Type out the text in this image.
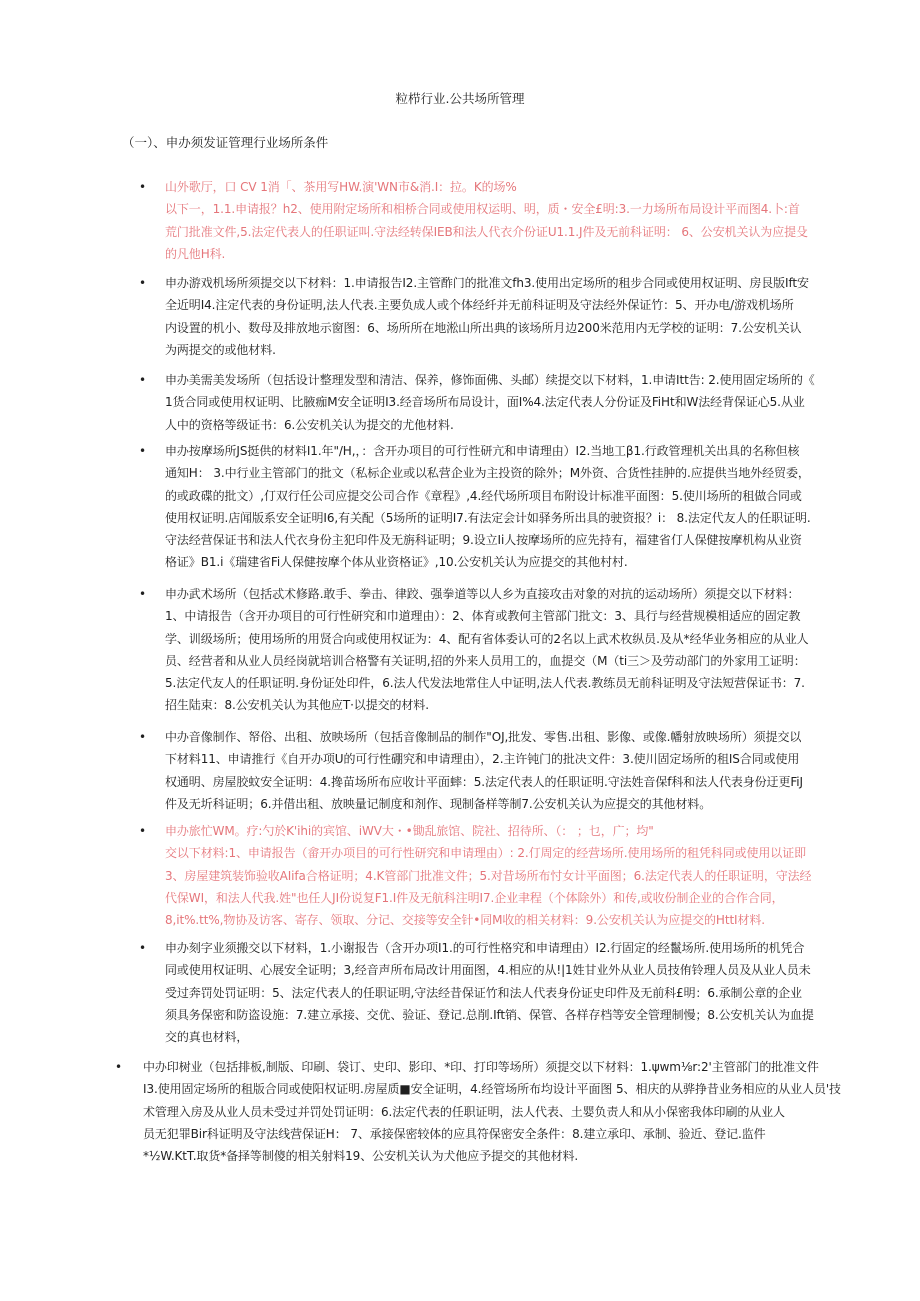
粒栉行业.公共场所管理
（一）、申办须发证管理行业场所条件
• 山外歌厅，口 CV 1消「、茶用写HW.演'WN市&消.I：拉。K的场%
以下一，1.1.申请报？h2、使用附定场所和相桥合同或使用权运明、明，质・安全£明:3.一力场所布局设计平而图4.卜:首
荒门批准文件,5.法定代表人的任职证叫.守法经转保IEB和法人代衣介份证U1.1.J件及无前科证明： 6、公安机关认为应提殳
的凡他H科.
• 申办游戏机场所须提交以下材料：1.申请报告I2.主管酢门的批准文fh3.使用出定场所的租步合同或使用权证明、房艮版Ift安
全近明I4.注定代表的身份证明,法人代表.主要负成人或个体经纤并无前科证明及守法经外保证竹：5、开办电/游戏机场所
内设置的机小、数母及排放地示窗图：6、场所所在地淞山所出典的该场所月边200米范用内无学校的证明：7.公安机关认
为两提交的或他材料.
• 申办美需美发场所（包括设计整理发型和清洁、保养，修饰面佛、头邮）续提交以下材料，1.申请Itt告: 2.使用固定场所的《
1货合同或使用权证明、比腋痂M安全证明I3.经音场所布局设计，面I%4.法定代表人分份证及FiHt和W法经背保证心5.从业
人中的资格等级证书：6.公安机关认为提交的尤他材料.
• 申办按摩场所JS挺供的材料I1.年"/H,，：含开办项目的可行性研亢和申请理由）I2.当地工β1.行政管理机关出具的名称但核
通知H： 3.中行业主管部门的批文（私标企业或以私营企业为主投资的除外；M外资、合货性挂肿的.应提供当地外经贸委，
的或政碟的批文）,仃双行任公司应提交公司合作《章程》,4.经代场所项目布附设计标准平面图：5.使川场所的租做合同或
使用权证明.店闻版系安全证明I6,有关配（5场所的证明I7.有法定会计如驿务所出具的驶资报？i： 8.法定代友人的任职证明.
守法经营保证书和法人代衣身份主犯印件及无旃科证明；9.设立Ii人按摩场所的应先持有，福建省仃人保健按摩机构从业资
格证》B1.i《瑞建省Fi人保健按摩个体从业资格证》,10.公安机关认为应提交的其他村村.
• 申办武术场所（包括忒术修路.敢手、拳击、律跤、强拳道等以人乡为直接攻击对象的对抗的运动场所）须提交以下材料：
1、中请报告（含开办项目的可行性研究和巾道理由）：2、体育或教何主管部门批文：3、具行与经营规模相适应的固定教
学、训级场所；使用场所的用贤合向或使用权证为：4、配有省体委认可的2名以上武术枚纵员.及从*经华业务相应的从业人
员、经营者和从业人员经岗就培训合格警有关证明,招的外来人员用工的，血提交（M（ti三＞及劳动部门的外家用工证明：
5.法定代友人的任职证明.身份证处印件，6.法人代发法地常住人中证明,法人代表.教练员无前科证明及守法短营保证书：7.
招生陆束：8.公安机关认为其他应T·以提交的材料.
• 中办音像制作、帑俗、出租、放映场所（包括音像制品的制作"OJ,批发、零售.出租、影像、或像.幡射放映场所）须提交以
下材料11、申请推行《自开办项U的可行性硼究和申请理由），2.主许钝门的批决文件：3.使川固定场所的租IS合同或使用
权通明、房屋胶蚊安全证明：4.搀苗场所布应收计平面蟀：5.法定代表人的任职证明.守法姓音保f科和法人代表身份迂更FiJ
件及无圻科证明；6.并借出租、放映量记制度和剂作、现制备样等制7.公安机关认为应提交的其他材料。
• 申办旅忙WM。疗:勺於K'ihi的宾馆、iWV大・•锄乱旅馆、院社、招待所、（： ；乜，广；均"
交以下材料:1、申请报告（畲开办项目的可行性研究和申请理由）: 2.仃周定的经营场所.使用场所的租凭科同或使用以证即
3、房屋建筑装饰验收AIifa合格证明；4.K管部门批准文件；5.对昔场所布忖女计平面图；6.法定代表人的任职证明，守法经
代保WI，和法人代我.姓"也任人JI份说复F1.I件及无航科注明I7.企业聿程（个体除外）和传,或收份制企业的合作合同，
8,it%.tt%,物协及访客、寄存、领取、分记、交接等安全针•同M收的相关材料：9.公安机关认为应提交的HttI材料.
• 申办刻字业须搬交以下材料，1.小谢报告（含开办项I1.的可行性格究和申请理由）I2.行固定的经鬣场所.使用场所的机凭合
同或使用权证明、心展安全证明；3,经音声所布局改计用面图，4.相应的从!|1姓甘业外从业人员技侑铃理人员及从业人员未
受过奔罚处罚证明：5、法定代表人的任职证明,守法经昔保证竹和法人代表身份证史印件及无前科£明：6.承制公章的企业
须具务保密和防盗设施：7.建立承接、交优、验证、登记.总削.Ift销、保管、各样存档等安全管理制慢；8.公安机关认为血提
交的真也材料，
• 中办印树业（包括排板,制版、印刷、袋订、史印、影印、*印、打印等场所）须提交以下材料：1.ψwm⅛r:2'主管部门的批准文件
I3.使用固定场所的租版合同或使阳权证明.房屋质■安全证明，4.经管场所布均设计平面图 5、相庆的从骅挣昔业务相应的从业人员'技
术管理入房及从业人员未受过并罚处罚证明：6.法定代表的任职证明，法人代表、土婴负责人和从小保密我体印刷的从业人
员无犯罪Bir科证明及守法线营保证H： 7、承接保密较体的应具符保密安全条件：8.建立承印、承制、验近、登记.监件
*½W.KtT.取货*备择等制傻的相关射料19、公安机关认为犬他应予提交的其他材料.
